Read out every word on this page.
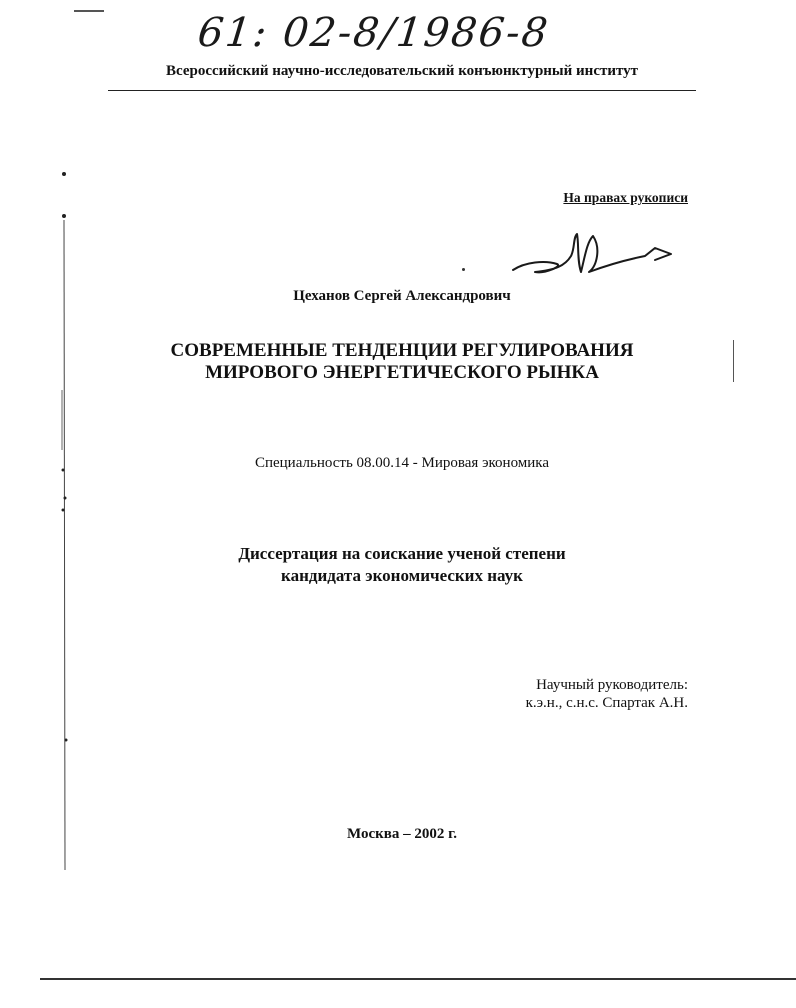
61: 02-8/1986-8
Всероссийский научно-исследовательский конъюнктурный институт
На правах рукописи
Цеханов Сергей Александрович
СОВРЕМЕННЫЕ ТЕНДЕНЦИИ РЕГУЛИРОВАНИЯ
МИРОВОГО ЭНЕРГЕТИЧЕСКОГО РЫНКА
Специальность 08.00.14 - Мировая экономика
Диссертация на соискание ученой степени
кандидата экономических наук
Научный руководитель:
к.э.н., с.н.с. Спартак А.Н.
Москва – 2002 г.
